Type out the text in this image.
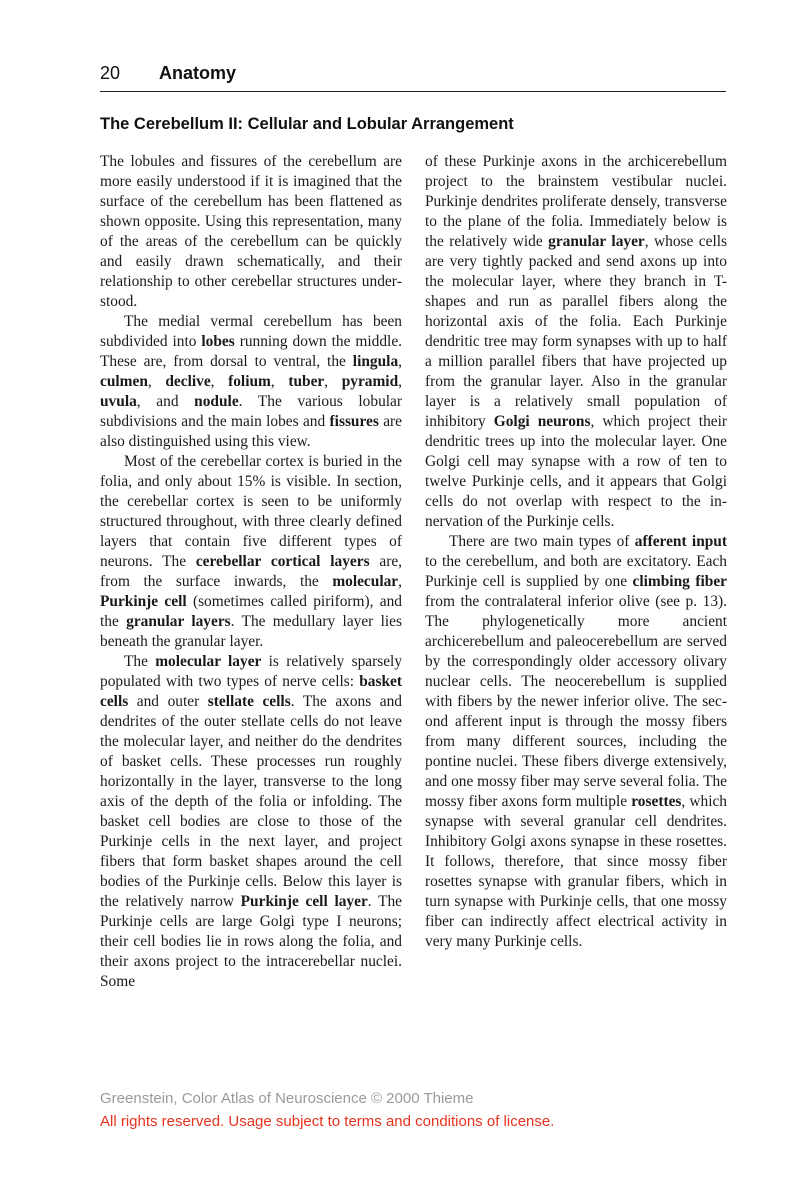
20 Anatomy
The Cerebellum II: Cellular and Lobular Arrangement

The lobules and fissures of the cerebellum are more easily understood if it is imagined that the surface of the cerebellum has been flattened as shown opposite. Using this representation, many of the areas of the cerebellum can be quickly and easily drawn schematically, and their relationship to other cerebellar structures understood.

The medial vermal cerebellum has been subdivided into lobes running down the middle. These are, from dorsal to ventral, the lingula, culmen, declive, folium, tuber, pyramid, uvula, and nodule. The various lobular subdivisions and the main lobes and fissures are also distinguished using this view.

Most of the cerebellar cortex is buried in the folia, and only about 15% is visible. In section, the cerebellar cortex is seen to be uniformly structured throughout, with three clearly defined layers that contain five different types of neurons. The cerebellar cortical layers are, from the surface inwards, the molecular, Purkinje cell (sometimes called piriform), and the granular layers. The medullary layer lies beneath the granular layer.

The molecular layer is relatively sparsely populated with two types of nerve cells: basket cells and outer stellate cells. The axons and dendrites of the outer stellate cells do not leave the molecular layer, and neither do the dendrites of basket cells. These processes run roughly horizontally in the layer, transverse to the long axis of the depth of the folia or infolding. The basket cell bodies are close to those of the Purkinje cells in the next layer, and project fibers that form basket shapes around the cell bodies of the Purkinje cells. Below this layer is the relatively narrow Purkinje cell layer. The Purkinje cells are large Golgi type I neurons; their cell bodies lie in rows along the folia, and their axons project to the intracerebellar nuclei. Some

of these Purkinje axons in the archicerebellum project to the brainstem vestibular nuclei. Purkinje dendrites proliferate densely, transverse to the plane of the folia. Immediately below is the relatively wide granular layer, whose cells are very tightly packed and send axons up into the molecular layer, where they branch in T-shapes and run as parallel fibers along the horizontal axis of the folia. Each Purkinje dendritic tree may form synapses with up to half a million parallel fibers that have projected up from the granular layer. Also in the granular layer is a relatively small population of inhibitory Golgi neurons, which project their dendritic trees up into the molecular layer. One Golgi cell may synapse with a row of ten to twelve Purkinje cells, and it appears that Golgi cells do not overlap with respect to the innervation of the Purkinje cells.

There are two main types of afferent input to the cerebellum, and both are excitatory. Each Purkinje cell is supplied by one climbing fiber from the contralateral inferior olive (see p. 13). The phylogenetically more ancient archicerebellum and paleocerebellum are served by the correspondingly older accessory olivary nuclear cells. The neocerebellum is supplied with fibers by the newer inferior olive. The second afferent input is through the mossy fibers from many different sources, including the pontine nuclei. These fibers diverge extensively, and one mossy fiber may serve several folia. The mossy fiber axons form multiple rosettes, which synapse with several granular cell dendrites. Inhibitory Golgi axons synapse in these rosettes. It follows, therefore, that since mossy fiber rosettes synapse with granular fibers, which in turn synapse with Purkinje cells, that one mossy fiber can indirectly affect electrical activity in very many Purkinje cells.

Greenstein, Color Atlas of Neuroscience © 2000 Thieme
All rights reserved. Usage subject to terms and conditions of license.
